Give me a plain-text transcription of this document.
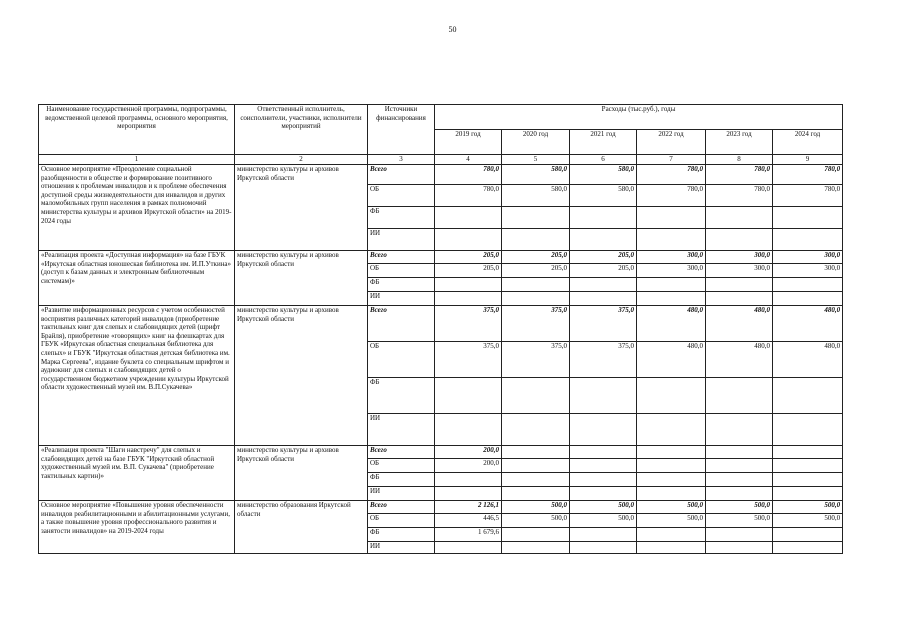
50
Наименование государственной программы, подпрограммы, ведомственной целевой программы, основного мероприятия, мероприятия	Ответственный исполнитель, соисполнители, участники, исполнители мероприятий	Источники финансирования	Расходы (тыс.руб.), годы					
			2019 год	2020 год	2021 год	2022 год	2023 год	2024 год
1	2	3	4	5	6	7	8	9
Основное мероприятие «Преодоление социальной разобщенности в обществе и формирование позитивного отношения к проблемам инвалидов и к проблеме обеспечения доступной среды жизнедеятельности для инвалидов и других маломобильных групп населения в рамках полномочий министерства культуры и архивов Иркутской области» на 2019-2024 годы	министерство культуры и архивов Иркутской области	Всего	780,0	580,0	580,0	780,0	780,0	780,0
		ОБ	780,0	580,0	580,0	780,0	780,0	780,0
		ФБ						
		ИИ						
«Реализация проекта «Доступная информация» на базе ГБУК «Иркутская областная юношеская библиотека им. И.П.Уткина» (доступ к базам данных и электронным библиотечным системам)»	министерство культуры и архивов Иркутской области	Всего	205,0	205,0	205,0	300,0	300,0	300,0
		ОБ	205,0	205,0	205,0	300,0	300,0	300,0
		ФБ						
		ИИ						
«Развитие информационных ресурсов с учетом особенностей восприятия различных категорий инвалидов (приобретение тактильных книг для слепых и слабовидящих детей (шрифт Брайля), приобретение «говорящих» книг на флешкартах для ГБУК «Иркутская областная специальная библиотека для слепых» и ГБУК "Иркутская областная детская библиотека им. Марка Сергеева", издание буклета со специальным шрифтом и аудиокниг для слепых и слабовидящих детей о государственном бюджетном учреждении культуры Иркутской области художественный музей им. В.П.Сукачева»	министерство культуры и архивов Иркутской области	Всего	375,0	375,0	375,0	480,0	480,0	480,0
		ОБ	375,0	375,0	375,0	480,0	480,0	480,0
		ФБ						
		ИИ						
«Реализация проекта "Шаги навстречу" для слепых и слабовидящих детей на базе ГБУК "Иркутский областной художественный музей им. В.П. Сукачева" (приобретение тактильных картин)»	министерство культуры и архивов Иркутской области	Всего	200,0					
		ОБ	200,0					
		ФБ						
		ИИ						
Основное мероприятие «Повышение уровня обеспеченности инвалидов реабилитационными и абилитационными услугами, а также повышение уровня профессионального развития и занятости инвалидов» на 2019-2024 годы	министерство образования Иркутской области	Всего	2 126,1	500,0	500,0	500,0	500,0	500,0
		ОБ	446,5	500,0	500,0	500,0	500,0	500,0
		ФБ	1 679,6					
		ИИ						
